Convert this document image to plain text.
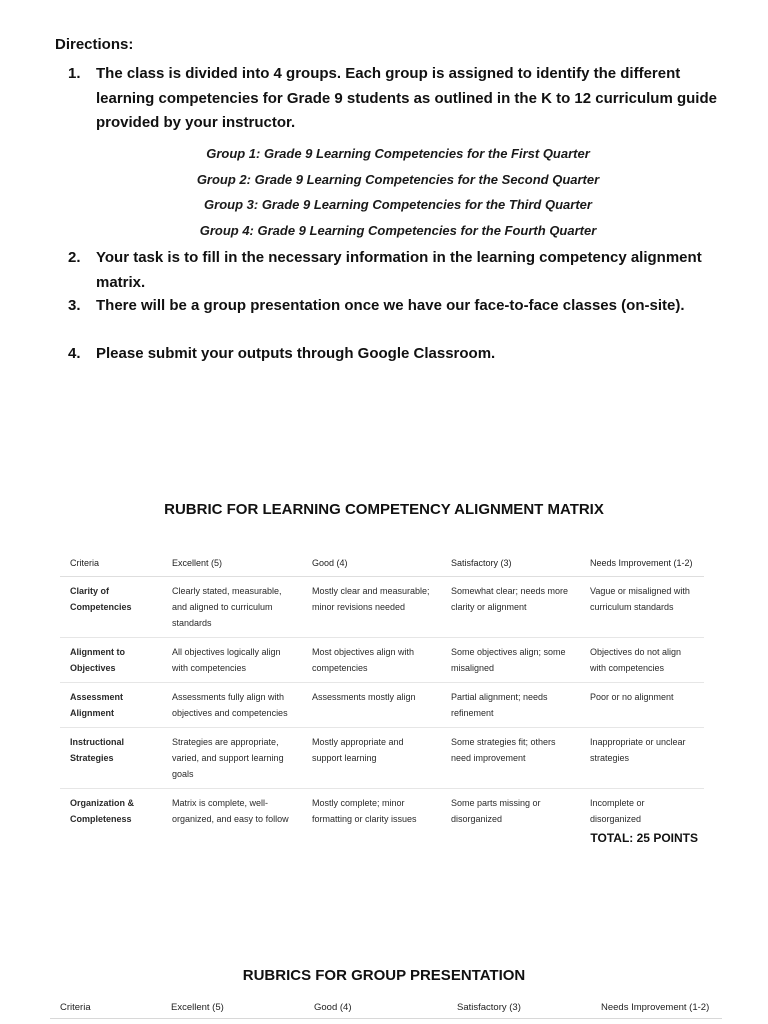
Directions:
1.	The class is divided into 4 groups. Each group is assigned to identify the different learning competencies for Grade 9 students as outlined in the K to 12 curriculum guide provided by your instructor.
Group 1: Grade 9 Learning Competencies for the First Quarter
Group 2: Grade 9 Learning Competencies for the Second Quarter
Group 3: Grade 9 Learning Competencies for the Third Quarter
Group 4: Grade 9 Learning Competencies for the Fourth Quarter
2.	Your task is to fill in the necessary information in the learning competency alignment matrix.
3.	There will be a group presentation once we have our face-to-face classes (on-site).
4.	Please submit your outputs through Google Classroom.
RUBRIC FOR LEARNING COMPETENCY ALIGNMENT MATRIX
Criteria	Excellent (5)	Good (4)	Satisfactory (3)	Needs Improvement (1-2)
Clarity of Competencies	Clearly stated, measurable, and aligned to curriculum standards	Mostly clear and measurable; minor revisions needed	Somewhat clear; needs more clarity or alignment	Vague or misaligned with curriculum standards
Alignment to Objectives	All objectives logically align with competencies	Most objectives align with competencies	Some objectives align; some misaligned	Objectives do not align with competencies
Assessment Alignment	Assessments fully align with objectives and competencies	Assessments mostly align	Partial alignment; needs refinement	Poor or no alignment
Instructional Strategies	Strategies are appropriate, varied, and support learning goals	Mostly appropriate and support learning	Some strategies fit; others need improvement	Inappropriate or unclear strategies
Organization & Completeness	Matrix is complete, well-organized, and easy to follow	Mostly complete; minor formatting or clarity issues	Some parts missing or disorganized	Incomplete or disorganized
TOTAL: 25 POINTS
RUBRICS FOR GROUP PRESENTATION
Criteria	Excellent (5)	Good (4)	Satisfactory (3)	Needs Improvement (1-2)
